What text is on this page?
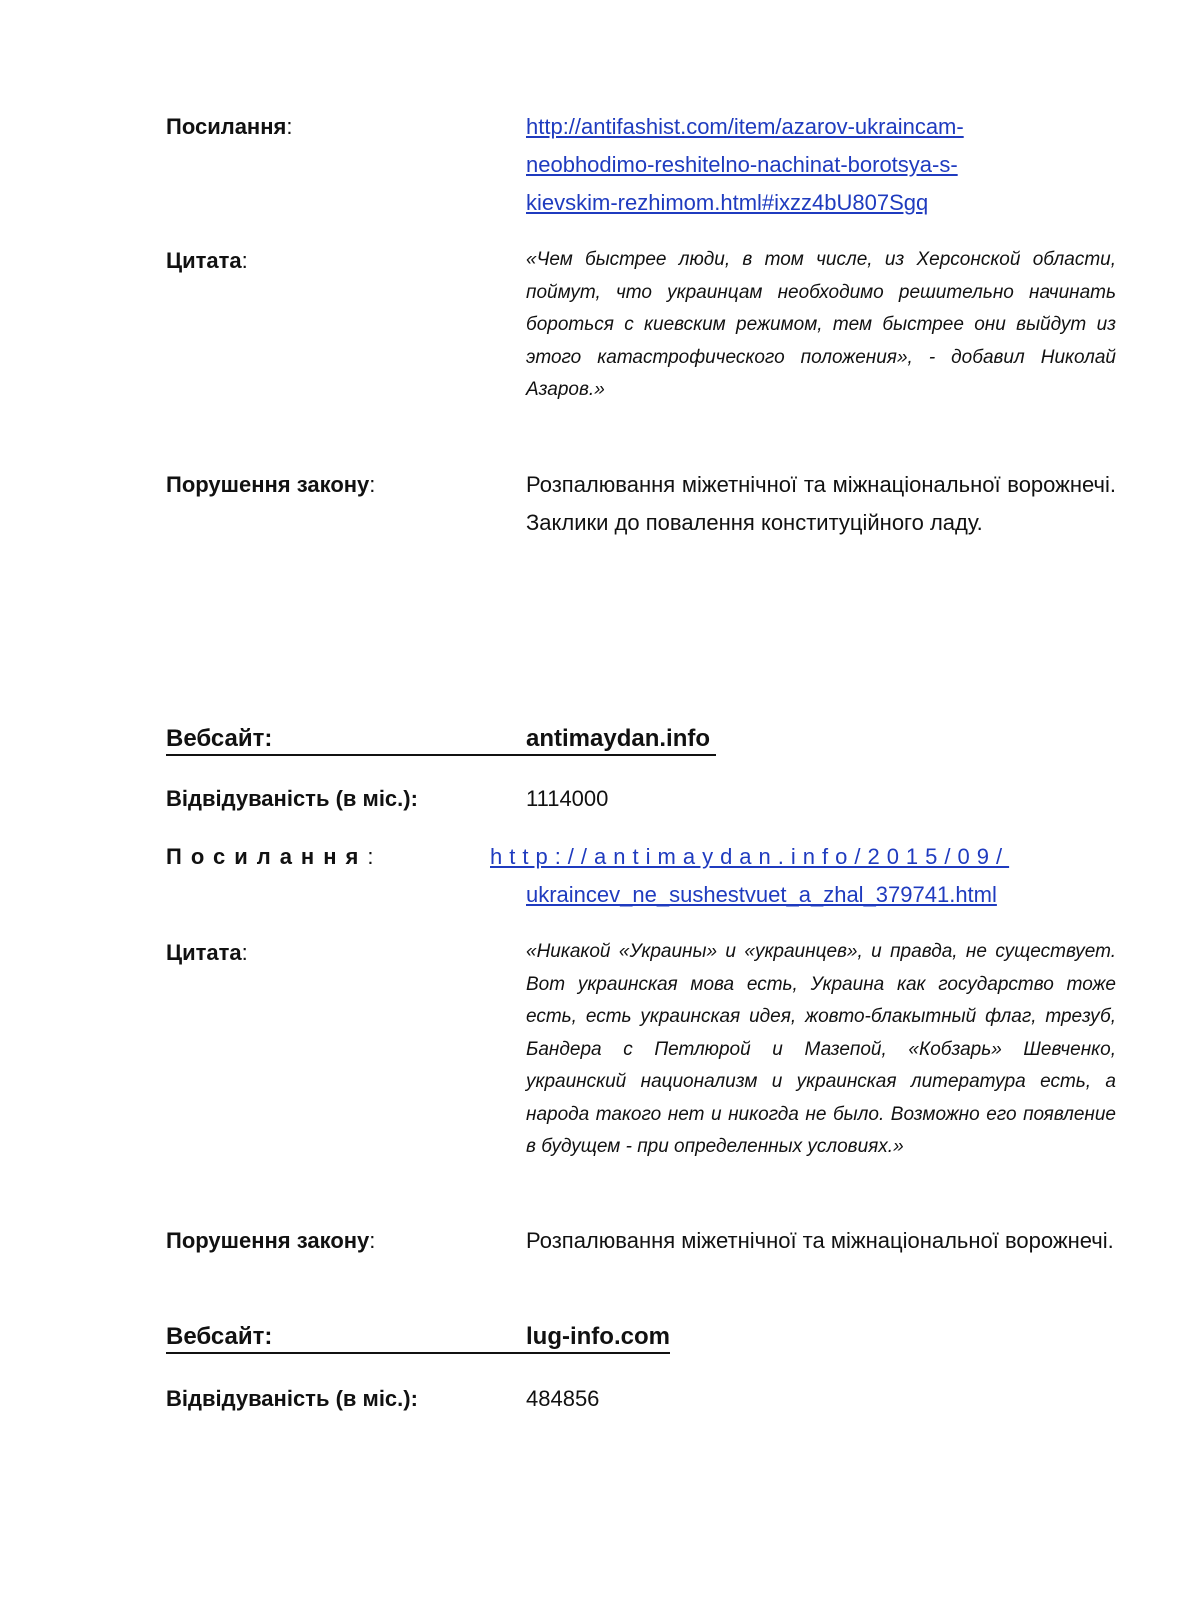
Посилання:	http://antifashist.com/item/azarov-ukraincam-
neobhodimo-reshitelno-nachinat-borotsya-s-
kievskim-rezhimom.html#ixzz4bU807Sgq
Цитата:	«Чем быстрее люди, в том числе, из Херсонской области, поймут, что украинцам необходимо решительно начинать бороться с киевским режимом, тем быстрее они выйдут из этого катастрофического положения», - добавил Николай Азаров.»
Порушення закону:	Розпалювання міжетнічної та міжнаціональної ворожнечі. Заклики до повалення конституційного ладу.
Вебсайт:	antimaydan.info
Відвідуваність (в міс.):	1114000
Посилання:	http://antimaydan.info/2015/09/
ukraincev_ne_sushestvuet_a_zhal_379741.html
Цитата:	«Никакой «Украины» и «украинцев», и правда, не существует. Вот украинская мова есть, Украина как государство тоже есть, есть украинская идея, жовто-блакытный флаг, трезуб, Бандера с Петлюрой и Мазепой, «Кобзарь» Шевченко, украинский национализм и украинская литература есть, а народа такого нет и никогда не было. Возможно его появление в будущем - при определенных условиях.»
Порушення закону:	Розпалювання міжетнічної та міжнаціональної ворожнечі.
Вебсайт:	lug-info.com
Відвідуваність (в міс.):	484856
